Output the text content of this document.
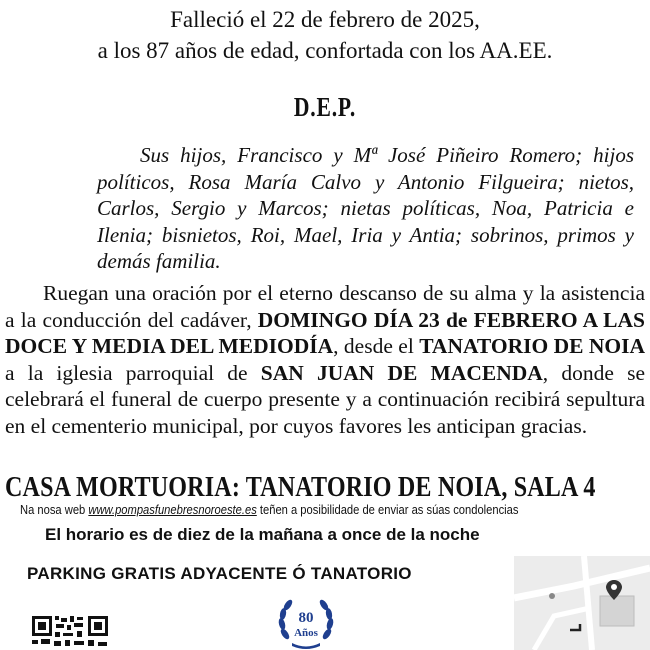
Falleció el 22 de febrero de 2025,
a los 87 años de edad, confortada con los AA.EE.
D.E.P.

Sus hijos, Francisco y Mª José Piñeiro Romero; hijos políticos, Rosa María Calvo y Antonio Filgueira; nietos, Carlos, Sergio y Marcos; nietas políticas, Noa, Patricia e Ilenia; bisnietos, Roi, Mael, Iria y Antia; sobrinos, primos y demás familia.

Ruegan una oración por el eterno descanso de su alma y la asistencia a la conducción del cadáver, DOMINGO DÍA 23 de FEBRERO A LAS DOCE Y MEDIA DEL MEDIODÍA, desde el TANATORIO DE NOIA a la iglesia parroquial de SAN JUAN DE MACENDA, donde se celebrará el funeral de cuerpo presente y a continuación recibirá sepultura en el cementerio municipal, por cuyos favores les anticipan gracias.

CASA MORTUORIA: TANATORIO DE NOIA, SALA 4
Na nosa web www.pompasfunebresnoroeste.es teñen a posibilidade de enviar as súas condolencias
El horario es de diez de la mañana a once de la noche
PARKING GRATIS ADYACENTE Ó TANATORIO
80
Años
